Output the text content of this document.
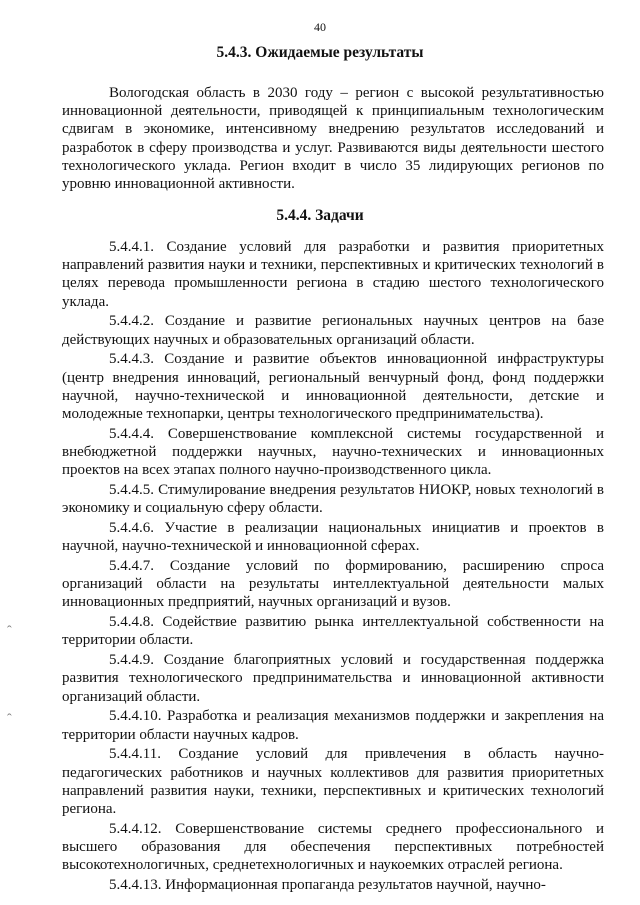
40
5.4.3. Ожидаемые результаты
Вологодская область в 2030 году – регион с высокой результативностью инновационной деятельности, приводящей к принципиальным технологическим сдвигам в экономике, интенсивному внедрению результатов исследований и разработок в сферу производства и услуг. Развиваются виды деятельности шестого технологического уклада. Регион входит в число 35 лидирующих регионов по уровню инновационной активности.
5.4.4. Задачи

5.4.4.1. Создание условий для разработки и развития приоритетных направлений развития науки и техники, перспективных и критических технологий в целях перевода промышленности региона в стадию шестого технологического уклада.

5.4.4.2. Создание и развитие региональных научных центров на базе действующих научных и образовательных организаций области.

5.4.4.3. Создание и развитие объектов инновационной инфраструктуры (центр внедрения инноваций, региональный венчурный фонд, фонд поддержки научной, научно-технической и инновационной деятельности, детские и молодежные технопарки, центры технологического предпринимательства).

5.4.4.4. Совершенствование комплексной системы государственной и внебюджетной поддержки научных, научно-технических и инновационных проектов на всех этапах полного научно-производственного цикла.

5.4.4.5. Стимулирование внедрения результатов НИОКР, новых технологий в экономику и социальную сферу области.

5.4.4.6. Участие в реализации национальных инициатив и проектов в научной, научно-технической и инновационной сферах.

5.4.4.7. Создание условий по формированию, расширению спроса организаций области на результаты интеллектуальной деятельности малых инновационных предприятий, научных организаций и вузов.

5.4.4.8. Содействие развитию рынка интеллектуальной собственности на территории области.

5.4.4.9. Создание благоприятных условий и государственная поддержка развития технологического предпринимательства и инновационной активности организаций области.

5.4.4.10. Разработка и реализация механизмов поддержки и закрепления на территории области научных кадров.

5.4.4.11. Создание условий для привлечения в область научно-педагогических работников и научных коллективов для развития приоритетных направлений развития науки, техники, перспективных и критических технологий региона.

5.4.4.12. Совершенствование системы среднего профессионального и высшего образования для обеспечения перспективных потребностей высокотехнологичных, среднетехнологичных и наукоемких отраслей региона.

5.4.4.13. Информационная пропаганда результатов научной, научно-

ˆ
ˆ
